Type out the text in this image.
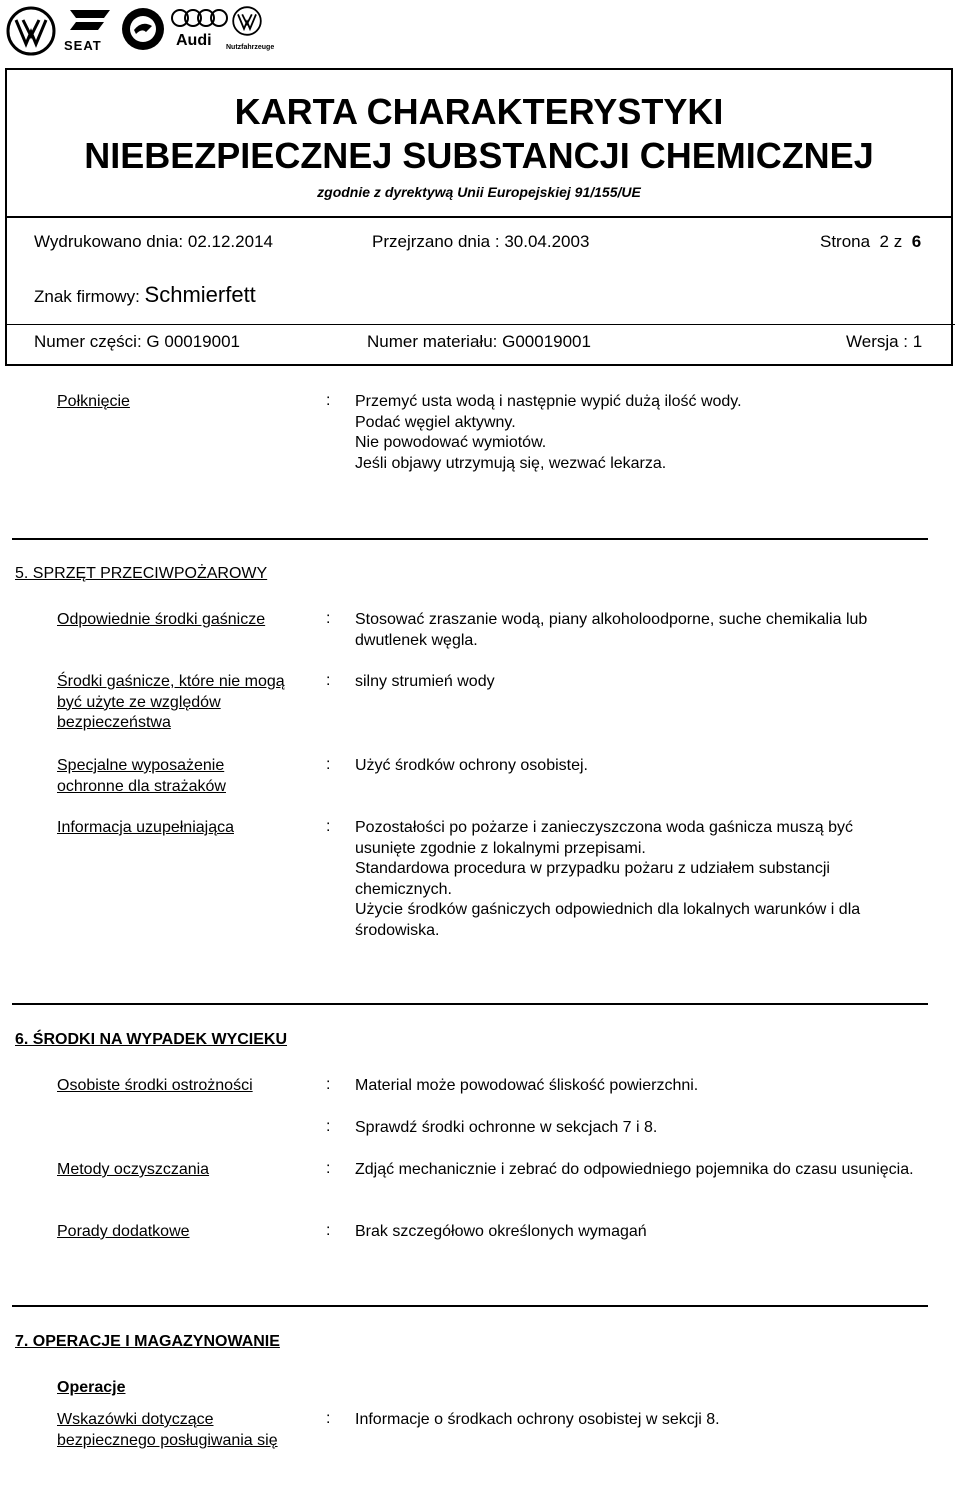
SEAT	Audi Nutzfahrzeuge
KARTA CHARAKTERYSTYKI
NIEBEZPIECZNEJ SUBSTANCJI CHEMICZNEJ
zgodnie z dyrektywą Unii Europejskiej 91/155/UE
Wydrukowano dnia: 02.12.2014	Przejrzano dnia : 30.04.2003	Strona 2 z 6
Znak firmowy: Schmierfett
Numer części: G 00019001	Numer materiału: G00019001	Wersja : 1
Połknięcie	: Przemyć usta wodą i następnie wypić dużą ilość wody.
Podać węgiel aktywny.
Nie powodować wymiotów.
Jeśli objawy utrzymują się, wezwać lekarza.
5. SPRZĘT PRZECIWPOŻAROWY
Odpowiednie środki gaśnicze	: Stosować zraszanie wodą, piany alkoholoodporne, suche chemikalia lub dwutlenek węgla.
Środki gaśnicze, które nie mogą być użyte ze względów bezpieczeństwa
: silny strumień wody
Specjalne wyposażenie ochronne dla strażaków
: Użyć środków ochrony osobistej.
Informacja uzupełniająca	: Pozostałości po pożarze i zanieczyszczona woda gaśnicza muszą być usunięte zgodnie z lokalnymi przepisami.
Standardowa procedura w przypadku pożaru z udziałem substancji chemicznych.
Użycie środków gaśniczych odpowiednich dla lokalnych warunków i dla środowiska.
6. ŚRODKI NA WYPADEK WYCIEKU
Osobiste środki ostrożności	: Material może powodować śliskość powierzchni.
: Sprawdź środki ochronne w sekcjach 7 i 8.
Metody oczyszczania	: Zdjąć mechanicznie i zebrać do odpowiedniego pojemnika do czasu usunięcia.
Porady dodatkowe	: Brak szczegółowo określonych wymagań
7. OPERACJE I MAGAZYNOWANIE
Operacje
Wskazówki dotyczące bezpiecznego posługiwania się
: Informacje o środkach ochrony osobistej w sekcji 8.
